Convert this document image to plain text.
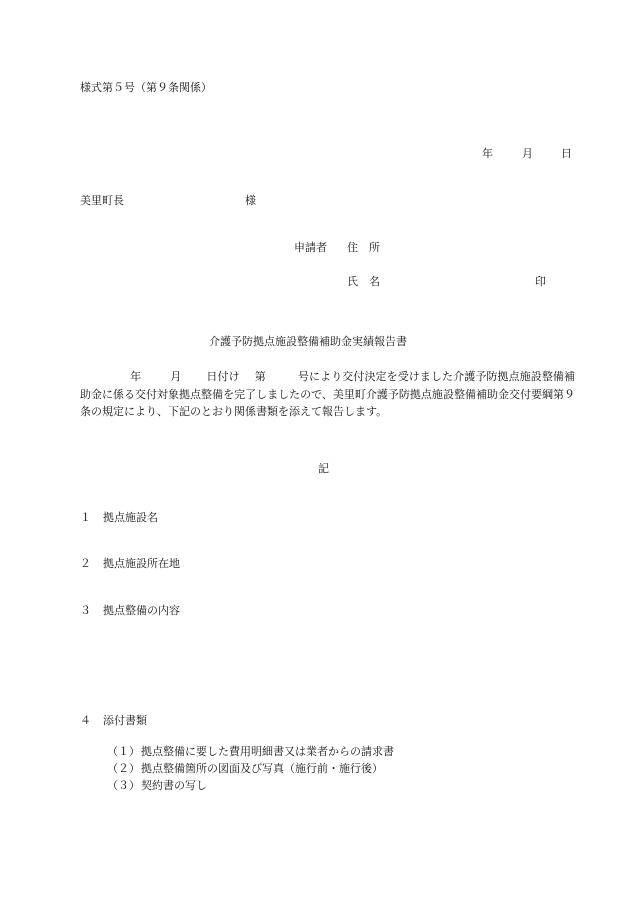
様式第５号（第９条関係）
年	月	日
美里町長	様
申請者 住　所
氏　名	印
介護予防拠点施設整備補助金実績報告書
年	月 日付け 第	号により交付決定を受けました介護予防拠点施設整備補助金に係る交付対象拠点整備を完了しましたので、美里町介護予防拠点施設整備補助金交付要綱第９条の規定により、下記のとおり関係書類を添えて報告します。
記
１ 拠点施設名
２ 拠点施設所在地
３ 拠点整備の内容
４ 添付書類
（１） 拠点整備に要した費用明細書又は業者からの請求書
（２） 拠点整備箇所の図面及び写真（施行前・施行後）
（３） 契約書の写し
